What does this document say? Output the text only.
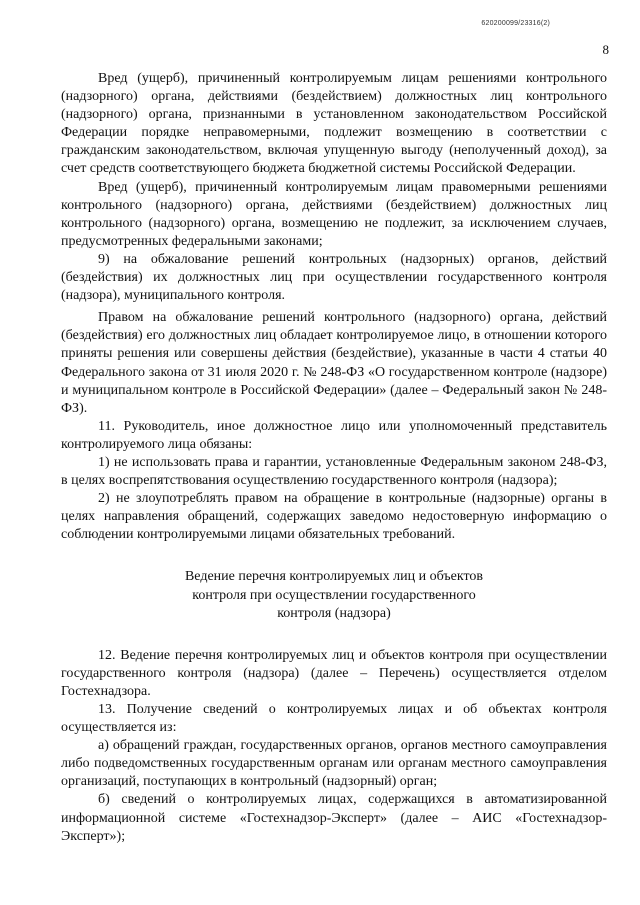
620200099/23316(2)
8

Вред (ущерб), причиненный контролируемым лицам решениями контрольного (надзорного) органа, действиями (бездействием) должностных лиц контрольного (надзорного) органа, признанными в установленном законодательством Российской Федерации порядке неправомерными, подлежит возмещению в соответствии с гражданским законодательством, включая упущенную выгоду (неполученный доход), за счет средств соответствующего бюджета бюджетной системы Российской Федерации.

Вред (ущерб), причиненный контролируемым лицам правомерными решениями контрольного (надзорного) органа, действиями (бездействием) должностных лиц контрольного (надзорного) органа, возмещению не подлежит, за исключением случаев, предусмотренных федеральными законами;

9) на обжалование решений контрольных (надзорных) органов, действий (бездействия) их должностных лиц при осуществлении государственного контроля (надзора), муниципального контроля.

Правом на обжалование решений контрольного (надзорного) органа, действий (бездействия) его должностных лиц обладает контролируемое лицо, в отношении которого приняты решения или совершены действия (бездействие), указанные в части 4 статьи 40 Федерального закона от 31 июля 2020 г. № 248-ФЗ «О государственном контроле (надзоре) и муниципальном контроле в Российской Федерации» (далее – Федеральный закон № 248-ФЗ).

11. Руководитель, иное должностное лицо или уполномоченный представитель контролируемого лица обязаны:

1) не использовать права и гарантии, установленные Федеральным законом 248-ФЗ, в целях воспрепятствования осуществлению государственного контроля (надзора);

2) не злоупотреблять правом на обращение в контрольные (надзорные) органы в целях направления обращений, содержащих заведомо недостоверную информацию о соблюдении контролируемыми лицами обязательных требований.

Ведение перечня контролируемых лиц и объектов
контроля при осуществлении государственного
контроля (надзора)

12. Ведение перечня контролируемых лиц и объектов контроля при осуществлении государственного контроля (надзора) (далее – Перечень) осуществляется отделом Гостехнадзора.

13. Получение сведений о контролируемых лицах и об объектах контроля осуществляется из:

а) обращений граждан, государственных органов, органов местного самоуправления либо подведомственных государственным органам или органам местного самоуправления организаций, поступающих в контрольный (надзорный) орган;

б) сведений о контролируемых лицах, содержащихся в автоматизированной информационной системе «Гостехнадзор-Эксперт» (далее – АИС «Гостехнадзор-Эксперт»);
